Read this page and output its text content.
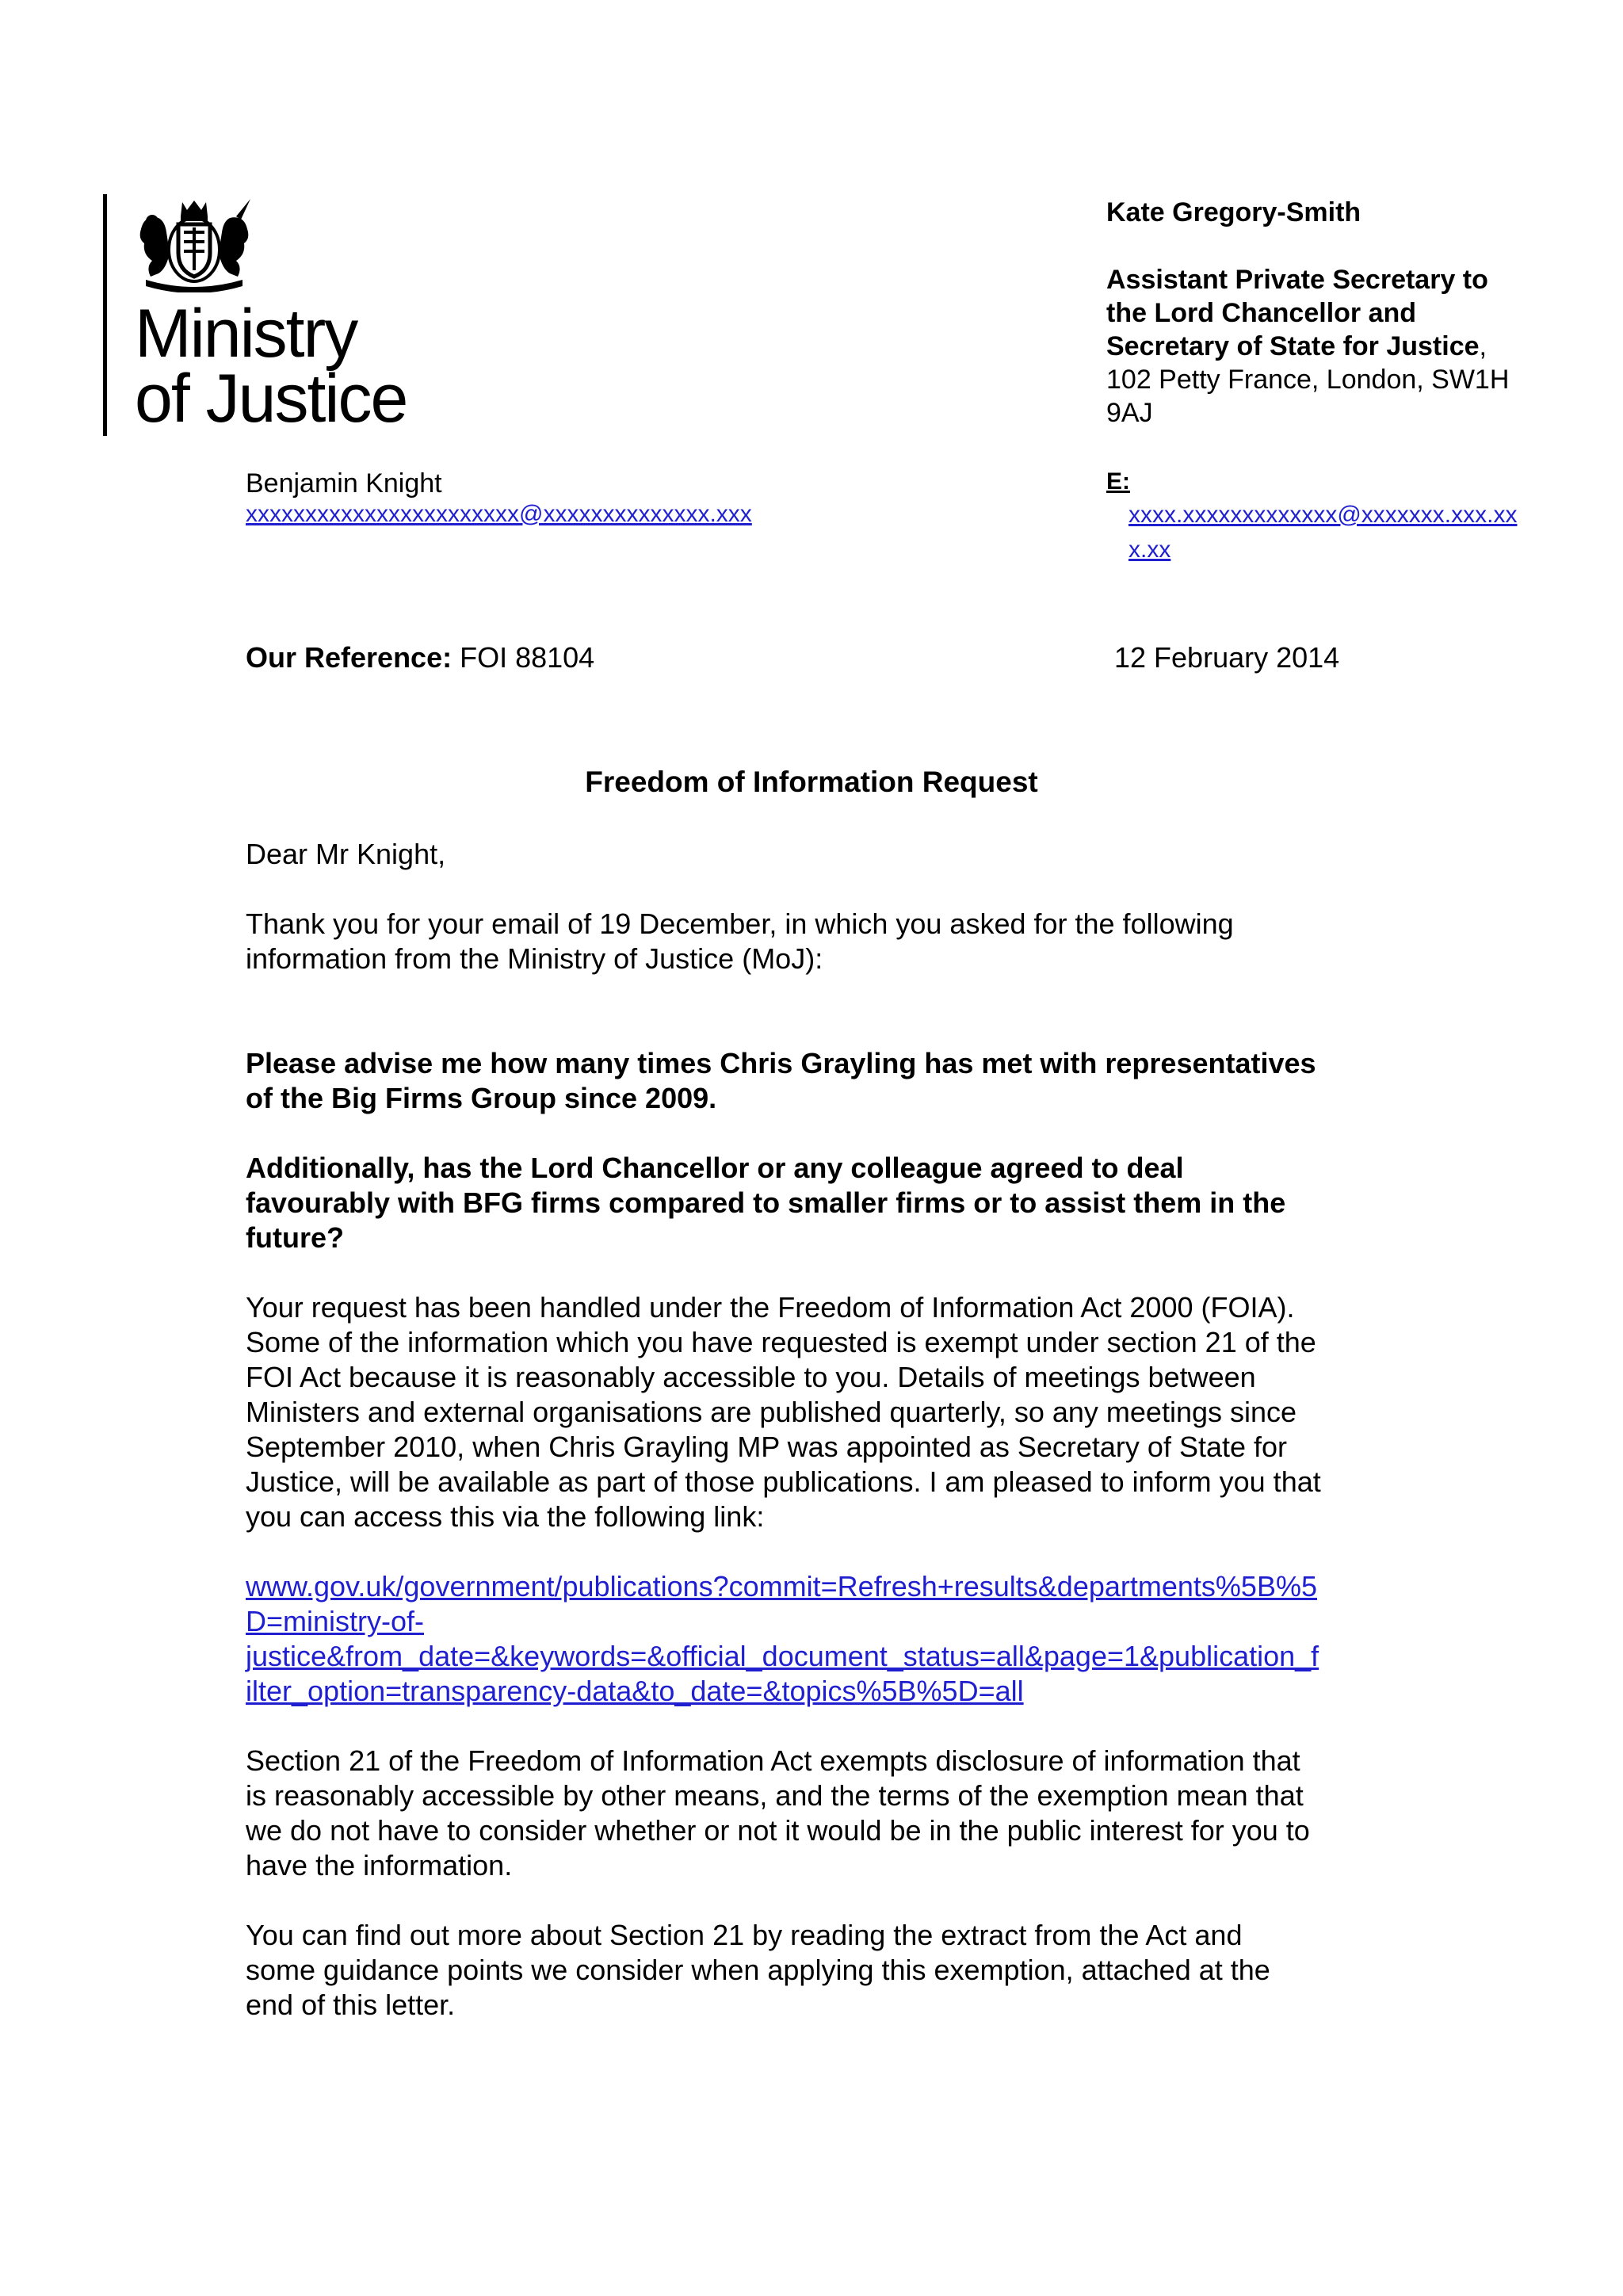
Ministry
of Justice
Kate Gregory-Smith
Assistant Private Secretary to
the Lord Chancellor and
Secretary of State for Justice,
102 Petty France, London, SW1H
9AJ
E:
xxxx.xxxxxxxxxxxxx@xxxxxxx.xxx.xx
x.xx
Benjamin Knight
xxxxxxxxxxxxxxxxxxxxxxx@xxxxxxxxxxxxxx.xxx
Our Reference: FOI 88104	12 February 2014
Freedom of Information Request

Dear Mr Knight,

Thank you for your email of 19 December, in which you asked for the following
information from the Ministry of Justice (MoJ):
Please advise me how many times Chris Grayling has met with representatives
of the Big Firms Group since 2009.
Additionally, has the Lord Chancellor or any colleague agreed to deal
favourably with BFG firms compared to smaller firms or to assist them in the
future?
Your request has been handled under the Freedom of Information Act 2000 (FOIA).
Some of the information which you have requested is exempt under section 21 of the
FOI Act because it is reasonably accessible to you. Details of meetings between
Ministers and external organisations are published quarterly, so any meetings since
September 2010, when Chris Grayling MP was appointed as Secretary of State for
Justice, will be available as part of those publications. I am pleased to inform you that
you can access this via the following link:
www.gov.uk/government/publications?commit=Refresh+results&departments%5B%5
D=ministry-of-
justice&from_date=&keywords=&official_document_status=all&page=1&publication_f
ilter_option=transparency-data&to_date=&topics%5B%5D=all
Section 21 of the Freedom of Information Act exempts disclosure of information that
is reasonably accessible by other means, and the terms of the exemption mean that
we do not have to consider whether or not it would be in the public interest for you to
have the information.
You can find out more about Section 21 by reading the extract from the Act and
some guidance points we consider when applying this exemption, attached at the
end of this letter.
